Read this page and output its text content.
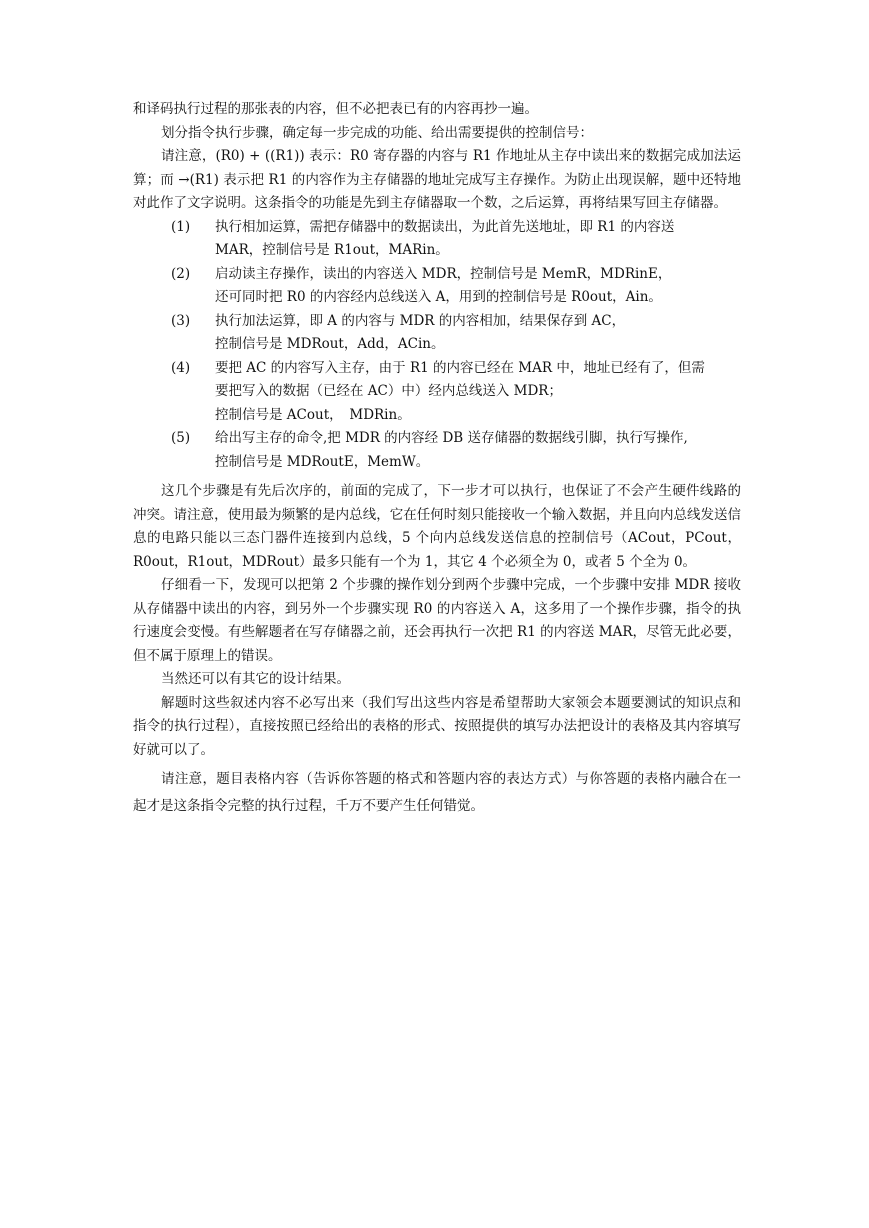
和译码执行过程的那张表的内容，但不必把表已有的内容再抄一遍。

划分指令执行步骤，确定每一步完成的功能、给出需要提供的控制信号：

请注意，(R0) + ((R1)) 表示：R0 寄存器的内容与 R1 作地址从主存中读出来的数据完成加法运算；而 →(R1) 表示把 R1 的内容作为主存储器的地址完成写主存操作。为防止出现误解，题中还特地对此作了文字说明。这条指令的功能是先到主存储器取一个数，之后运算，再将结果写回主存储器。

(1) 执行相加运算，需把存储器中的数据读出，为此首先送地址，即 R1 的内容送
MAR，控制信号是 R1out，MARin。
(2) 启动读主存操作，读出的内容送入 MDR，控制信号是 MemR，MDRinE，
还可同时把 R0 的内容经内总线送入 A，用到的控制信号是 R0out，Ain。
(3) 执行加法运算，即 A 的内容与 MDR 的内容相加，结果保存到 AC，
控制信号是 MDRout，Add，ACin。
(4) 要把 AC 的内容写入主存，由于 R1 的内容已经在 MAR 中，地址已经有了，但需
要把写入的数据（已经在 AC）中）经内总线送入 MDR；
控制信号是 ACout，　MDRin。
(5) 给出写主存的命令,把 MDR 的内容经 DB 送存储器的数据线引脚，执行写操作,
控制信号是 MDRoutE，MemW。

这几个步骤是有先后次序的，前面的完成了，下一步才可以执行，也保证了不会产生硬件线路的冲突。请注意，使用最为频繁的是内总线，它在任何时刻只能接收一个输入数据，并且向内总线发送信息的电路只能以三态门器件连接到内总线，5 个向内总线发送信息的控制信号（ACout，PCout，R0out，R1out，MDRout）最多只能有一个为 1，其它 4 个必须全为 0，或者 5 个全为 0。

仔细看一下，发现可以把第 2 个步骤的操作划分到两个步骤中完成，一个步骤中安排 MDR 接收从存储器中读出的内容，到另外一个步骤实现 R0 的内容送入 A，这多用了一个操作步骤，指令的执行速度会变慢。有些解题者在写存储器之前，还会再执行一次把 R1 的内容送 MAR，尽管无此必要，但不属于原理上的错误。

当然还可以有其它的设计结果。

解题时这些叙述内容不必写出来（我们写出这些内容是希望帮助大家领会本题要测试的知识点和指令的执行过程），直接按照已经给出的表格的形式、按照提供的填写办法把设计的表格及其内容填写好就可以了。

请注意，题目表格内容（告诉你答题的格式和答题内容的表达方式）与你答题的表格内融合在一起才是这条指令完整的执行过程，千万不要产生任何错觉。
